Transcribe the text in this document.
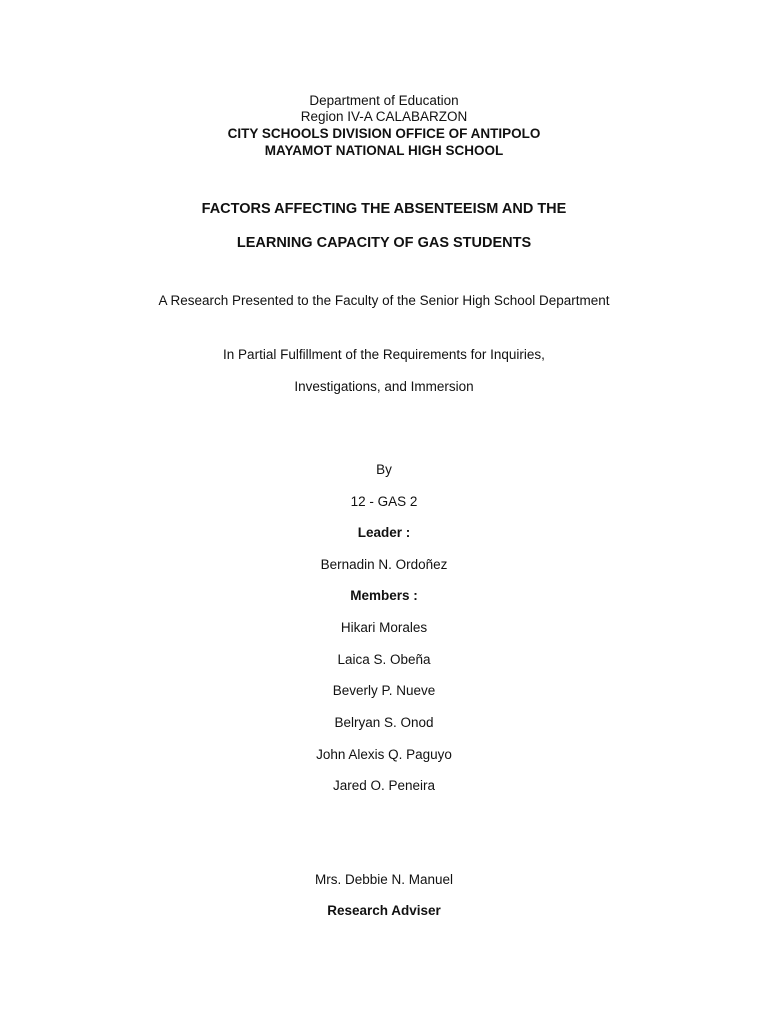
Department of Education
Region IV-A CALABARZON
CITY SCHOOLS DIVISION OFFICE OF ANTIPOLO
MAYAMOT NATIONAL HIGH SCHOOL
FACTORS AFFECTING THE ABSENTEEISM AND THE
LEARNING CAPACITY OF GAS STUDENTS
A Research Presented to the Faculty of the Senior High School Department
In Partial Fulfillment of the Requirements for Inquiries,
Investigations, and Immersion
By
12 - GAS 2
Leader :
Bernadin N. Ordoñez
Members :
Hikari Morales
Laica S. Obeña
Beverly P. Nueve
Belryan S. Onod
John Alexis Q. Paguyo
Jared O. Peneira
Mrs. Debbie N. Manuel
Research Adviser
